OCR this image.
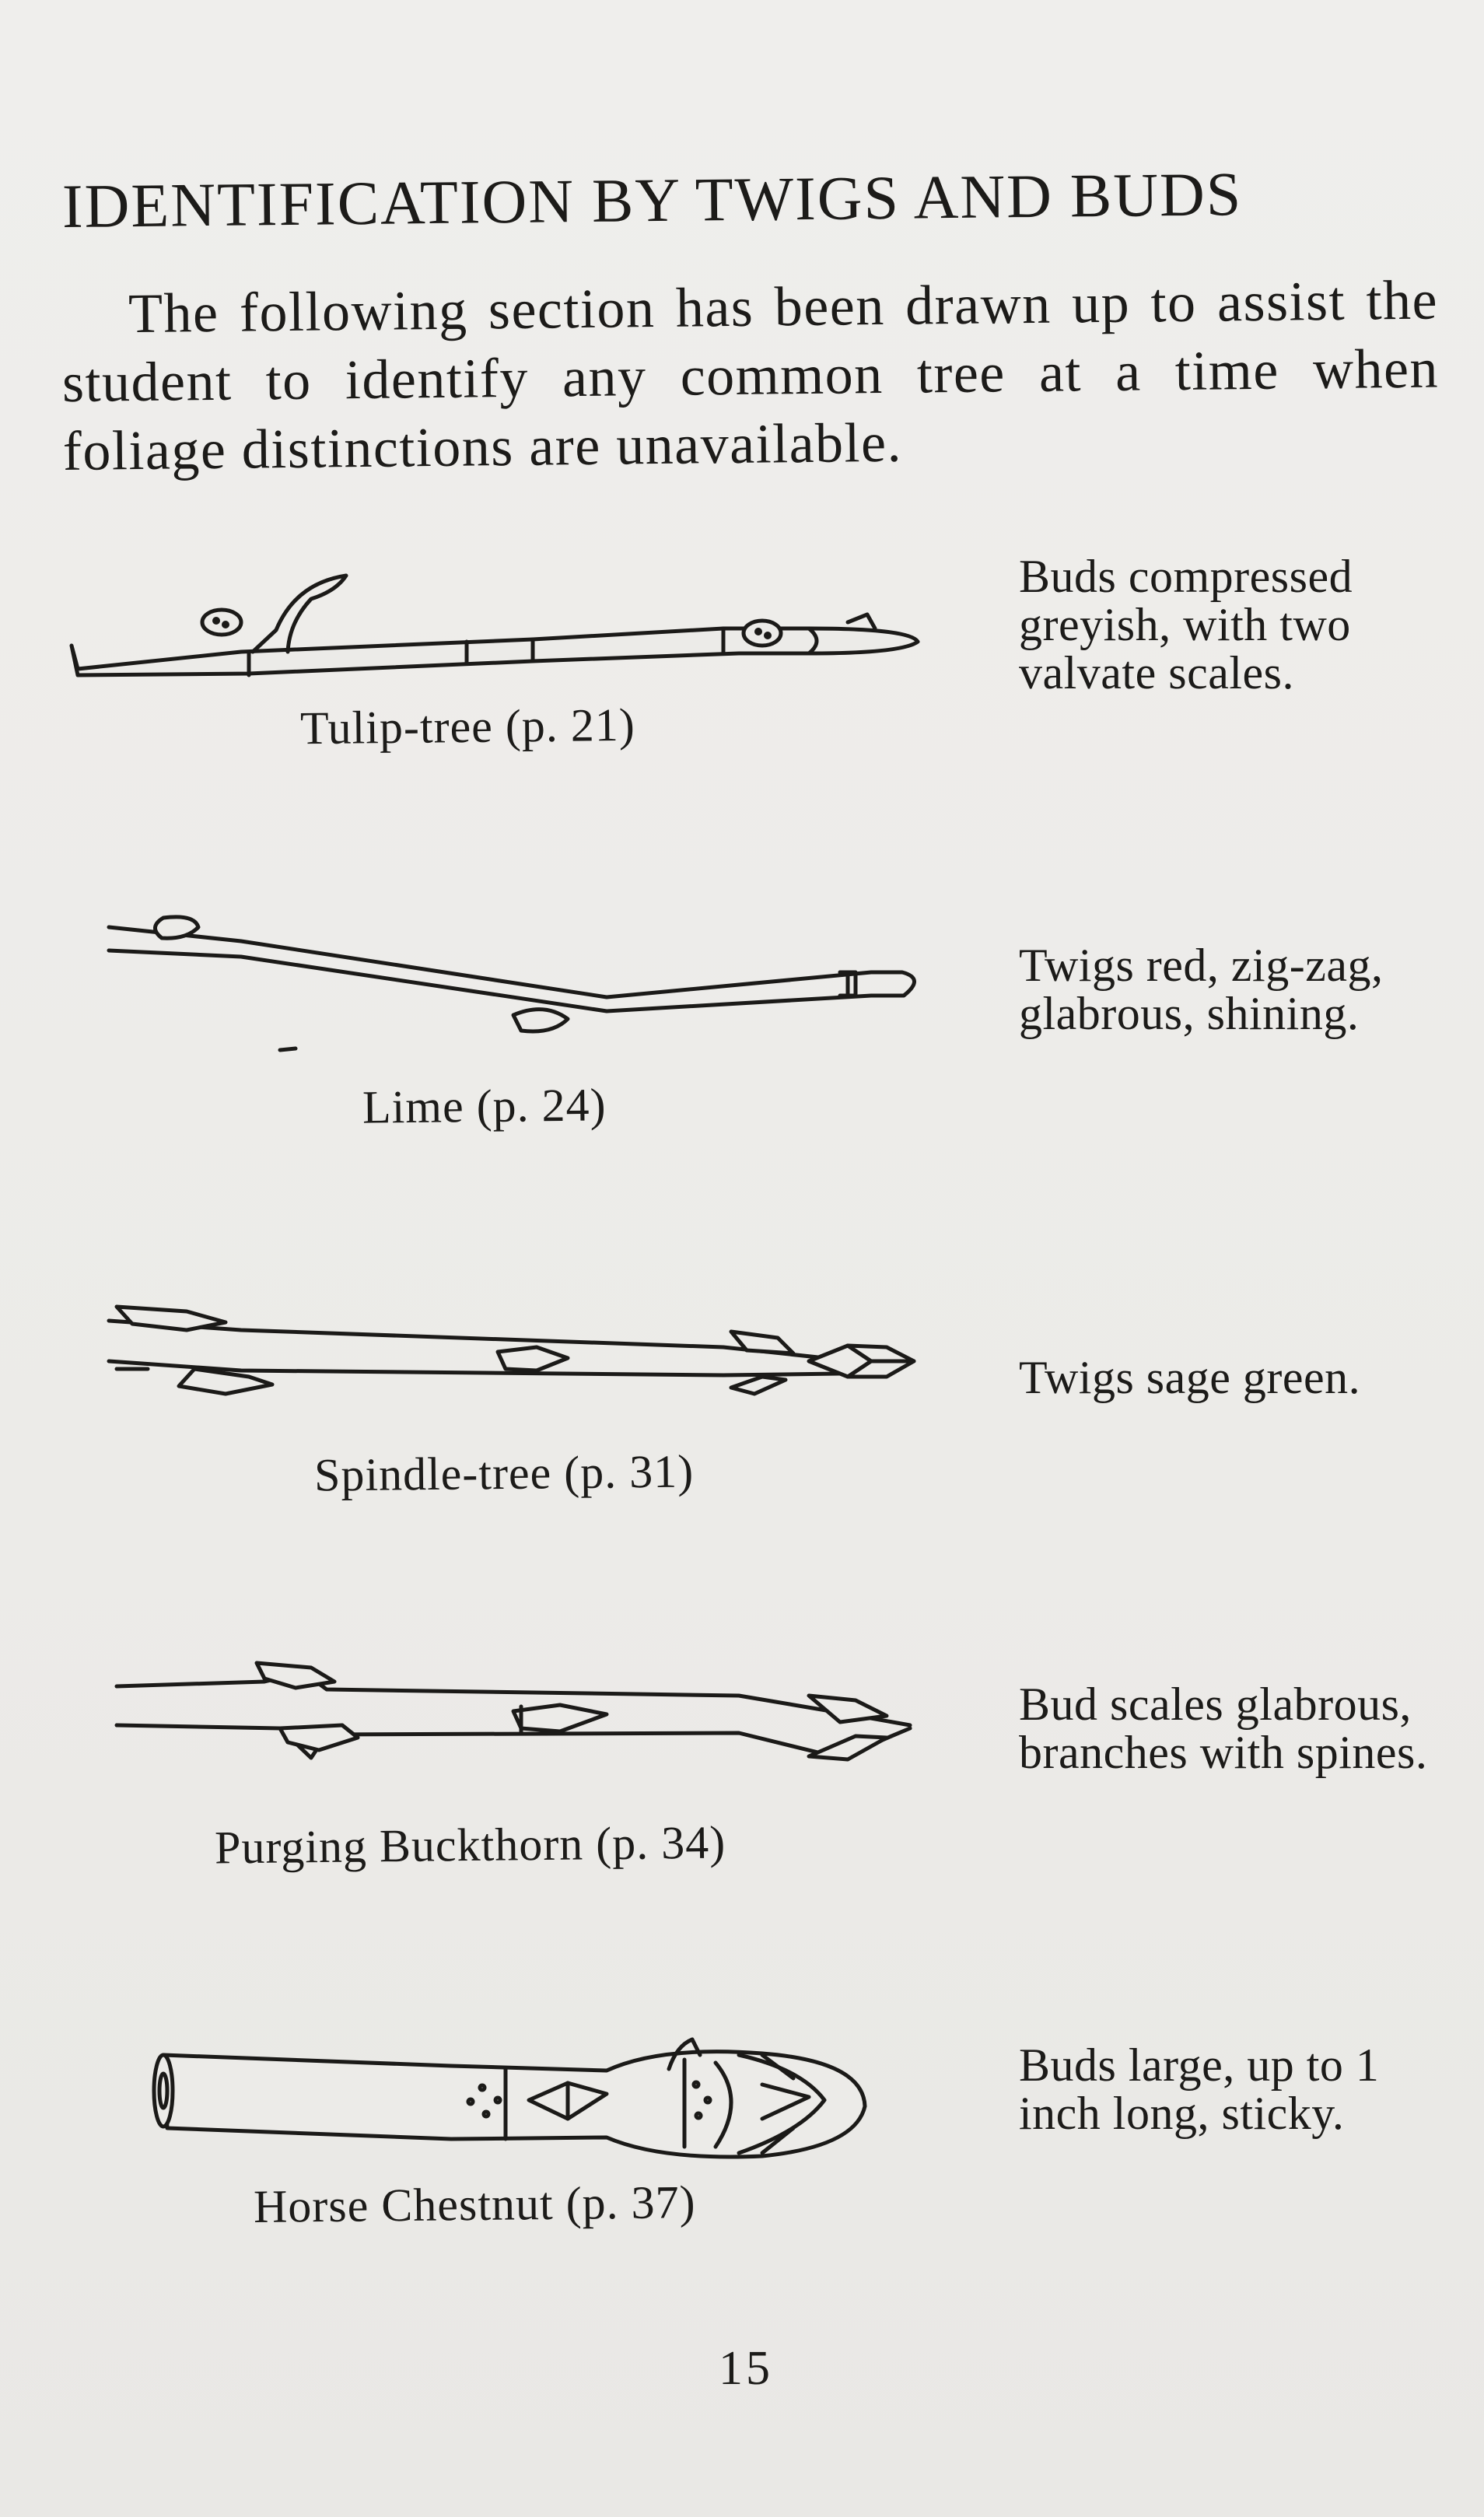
IDENTIFICATION BY TWIGS AND BUDS
The following section has been drawn up to assist the student to identify any common tree at a time when foliage distinctions are unavailable.
Tulip-tree (p. 21)
Buds compressed greyish, with two valvate scales.
Lime (p. 24)
Twigs red, zig-zag, glabrous, shining.
Spindle-tree (p. 31)
Twigs sage green.
Purging Buckthorn (p. 34)
Bud scales glabrous, branches with spines.
Horse Chestnut (p. 37)
Buds large, up to 1 inch long, sticky.
15
